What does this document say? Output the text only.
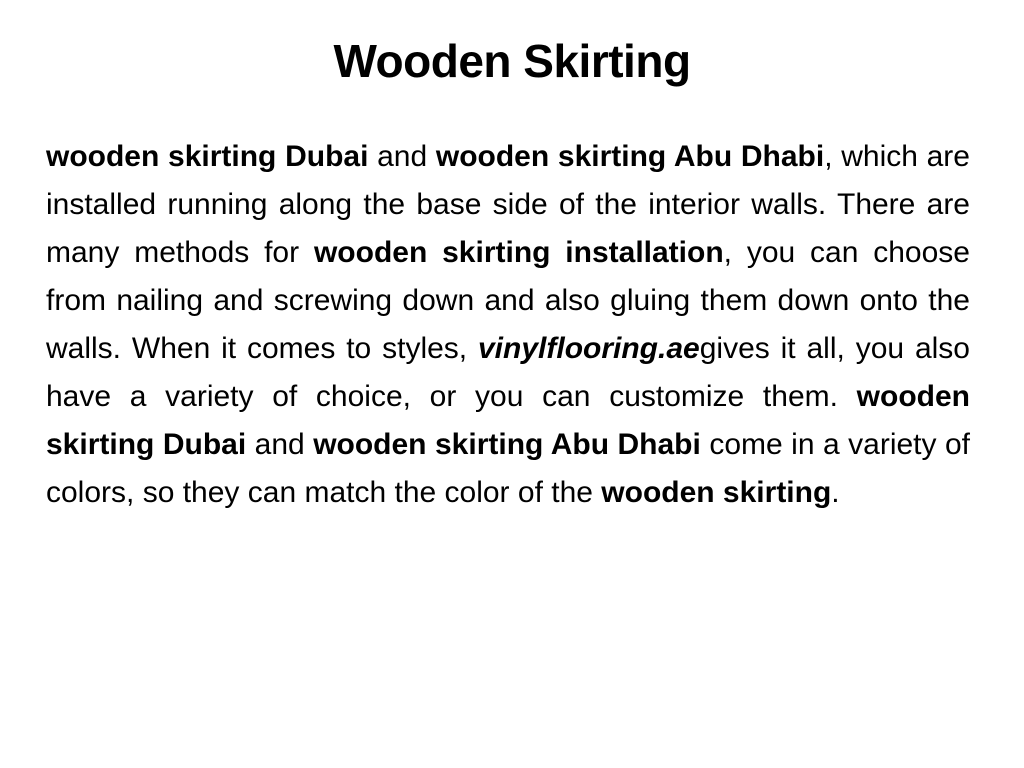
Wooden Skirting
wooden skirting Dubai and wooden skirting Abu Dhabi, which are installed running along the base side of the interior walls. There are many methods for wooden skirting installation, you can choose from nailing and screwing down and also gluing them down onto the walls. When it comes to styles, vinylflooring.aegives it all, you also have a variety of choice, or you can customize them. wooden skirting Dubai and wooden skirting Abu Dhabi come in a variety of colors, so they can match the color of the wooden skirting.
